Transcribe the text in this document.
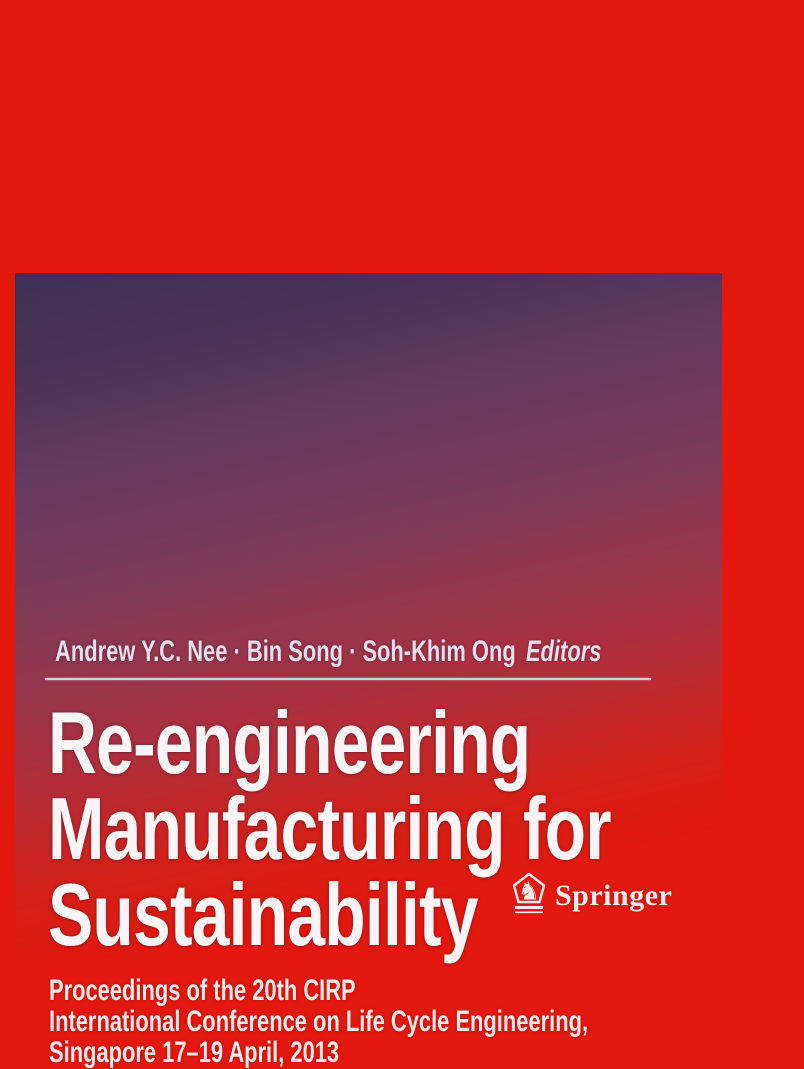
Andrew Y.C. Nee · Bin Song · Soh-Khim Ong Editors
Re-engineering
Manufacturing for
Sustainability
Proceedings of the 20th CIRP
International Conference on Life Cycle Engineering,
Singapore 17–19 April, 2013
♞ Springer
